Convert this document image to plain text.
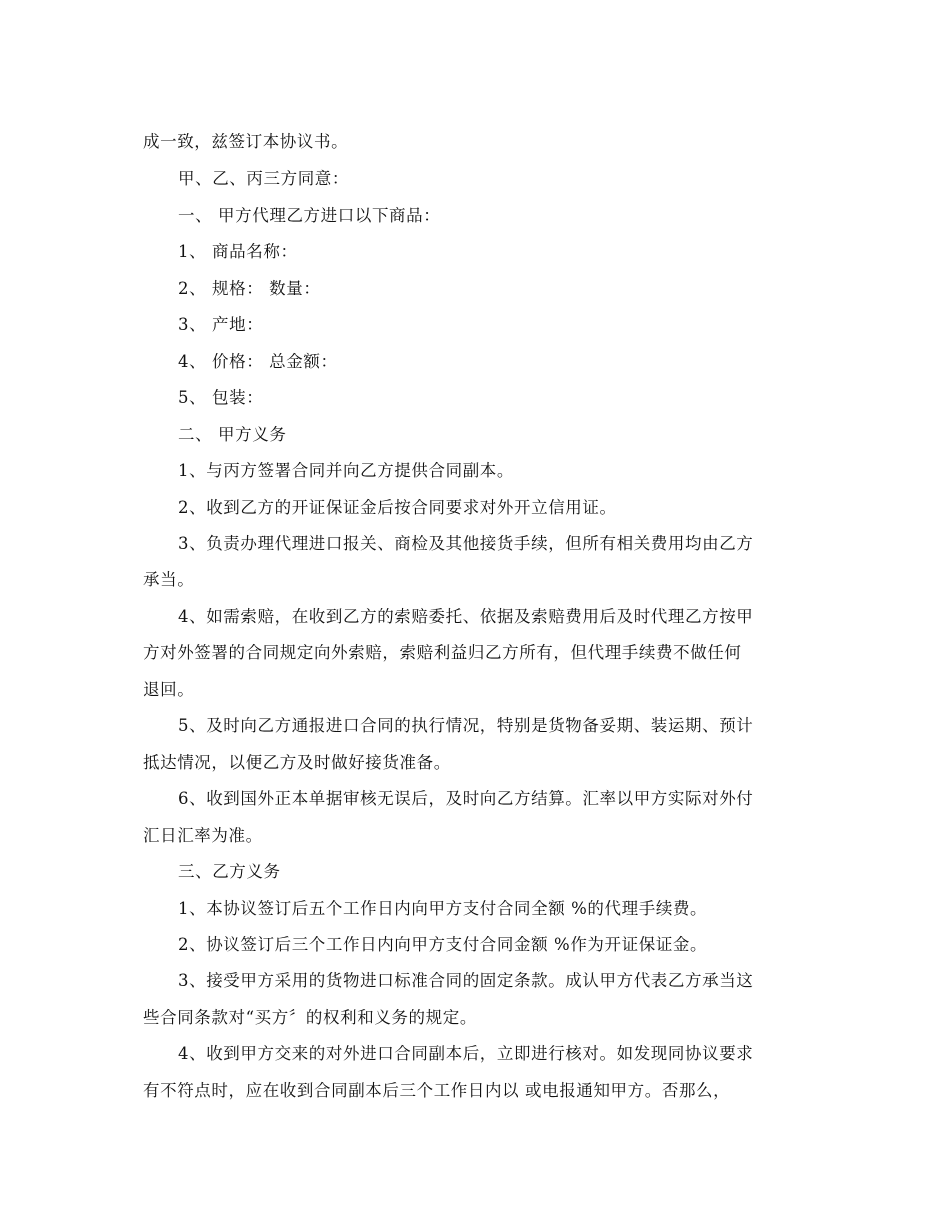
成一致，兹签订本协议书。
甲、乙、丙三方同意：
一、 甲方代理乙方进口以下商品：
1、 商品名称：
2、 规格： 数量：
3、 产地：
4、 价格： 总金额：
5、 包装：
二、 甲方义务
1、与丙方签署合同并向乙方提供合同副本。
2、收到乙方的开证保证金后按合同要求对外开立信用证。
3、负责办理代理进口报关、商检及其他接货手续，但所有相关费用均由乙方
承当。
4、如需索赔，在收到乙方的索赔委托、依据及索赔费用后及时代理乙方按甲
方对外签署的合同规定向外索赔，索赔利益归乙方所有，但代理手续费不做任何
退回。
5、及时向乙方通报进口合同的执行情况，特别是货物备妥期、装运期、预计
抵达情况，以便乙方及时做好接货准备。
6、收到国外正本单据审核无误后，及时向乙方结算。汇率以甲方实际对外付
汇日汇率为准。
三、乙方义务
1、本协议签订后五个工作日内向甲方支付合同全额 %的代理手续费。
2、协议签订后三个工作日内向甲方支付合同金额 %作为开证保证金。
3、接受甲方采用的货物进口标准合同的固定条款。成认甲方代表乙方承当这
些合同条款对“买方〞的权利和义务的规定。
4、收到甲方交来的对外进口合同副本后，立即进行核对。如发现同协议要求
有不符点时，应在收到合同副本后三个工作日内以 或电报通知甲方。否那么，
